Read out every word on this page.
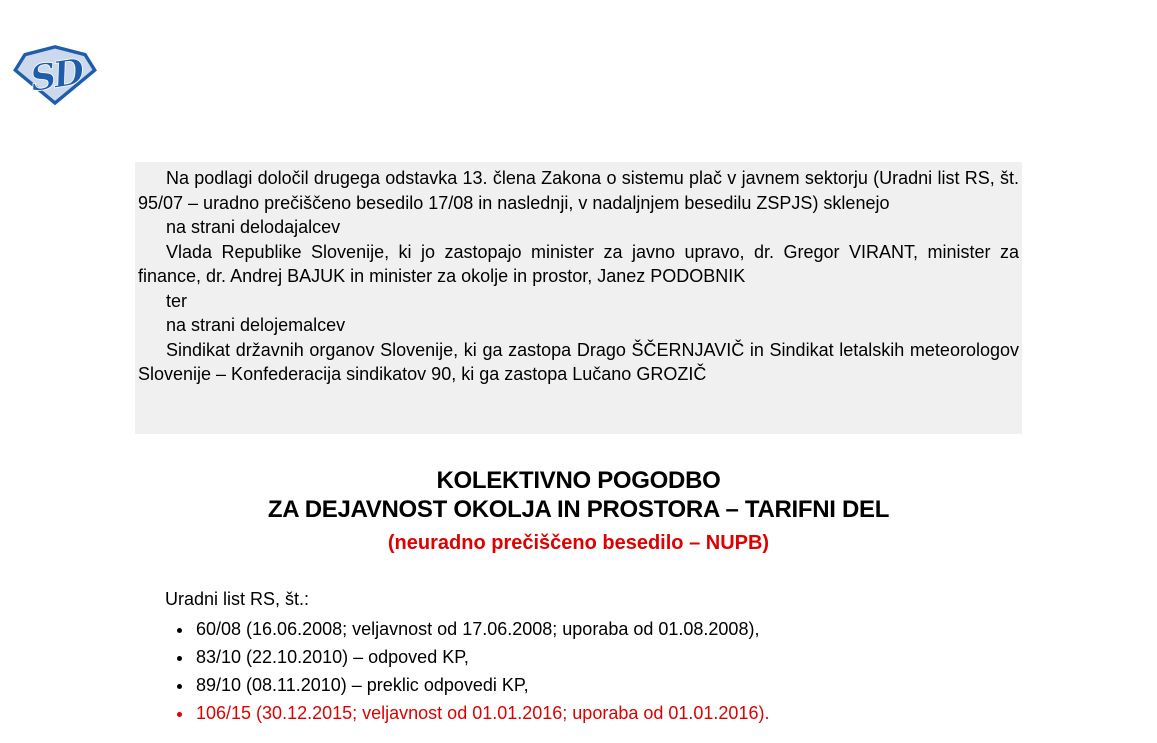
SD

Na podlagi določil drugega odstavka 13. člena Zakona o sistemu plač v javnem sektorju (Uradni list RS, št. 95/07 – uradno prečiščeno besedilo 17/08 in naslednji, v nadaljnjem besedilu ZSPJS) sklenejo

na strani delodajalcev

Vlada Republike Slovenije, ki jo zastopajo minister za javno upravo, dr. Gregor VIRANT, minister za finance, dr. Andrej BAJUK in minister za okolje in prostor, Janez PODOBNIK

ter

na strani delojemalcev

Sindikat državnih organov Slovenije, ki ga zastopa Drago ŠČERNJAVIČ in Sindikat letalskih meteorologov Slovenije – Konfederacija sindikatov 90, ki ga zastopa Lučano GROZIČ

KOLEKTIVNO POGODBO
ZA DEJAVNOST OKOLJA IN PROSTORA – TARIFNI DEL
(neuradno prečiščeno besedilo – NUPB)

Uradni list RS, št.:

• 60/08 (16.06.2008; veljavnost od 17.06.2008; uporaba od 01.08.2008),
• 83/10 (22.10.2010) – odpoved KP,
• 89/10 (08.11.2010) – preklic odpovedi KP,
• 106/15 (30.12.2015; veljavnost od 01.01.2016; uporaba od 01.01.2016).
